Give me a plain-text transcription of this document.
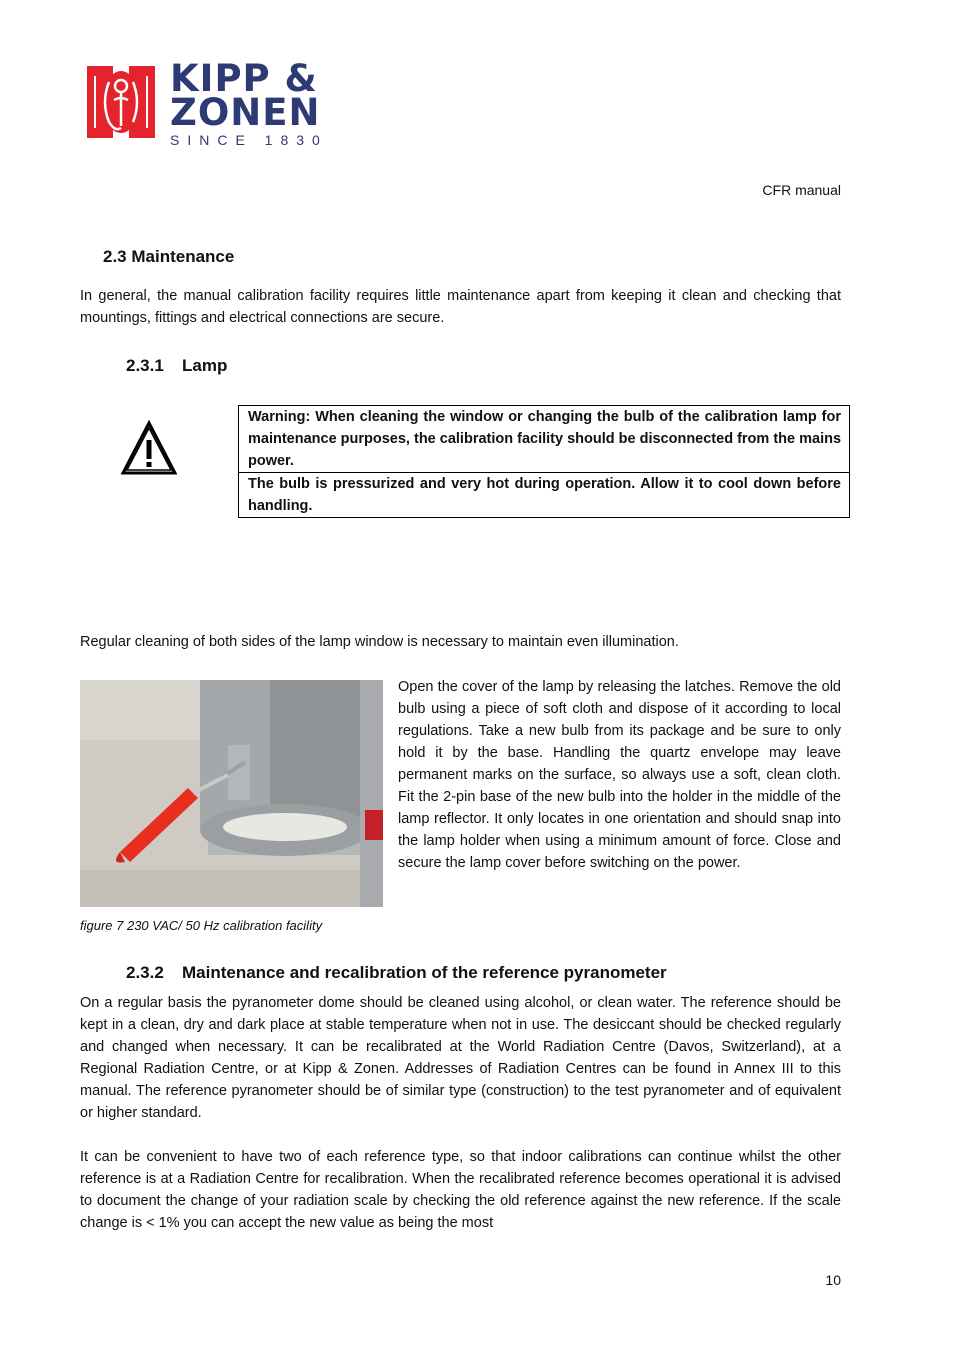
KIPP &
ZONEN
SINCE 1830
CFR manual
2.3 Maintenance

In general, the manual calibration facility requires little maintenance apart from keeping it clean and checking that mountings, fittings and electrical connections are secure.

2.3.1 Lamp
Warning: When cleaning the window or changing the bulb of the calibration lamp for maintenance purposes, the calibration facility should be disconnected from the mains power.
The bulb is pressurized and very hot during operation. Allow it to cool down before handling.

Regular cleaning of both sides of the lamp window is necessary to maintain even illumination.

Open the cover of the lamp by releasing the latches. Remove the old bulb using a piece of soft cloth and dispose of it according to local regulations. Take a new bulb from its package and be sure to only hold it by the base. Handling the quartz envelope may leave permanent marks on the surface, so always use a soft, clean cloth. Fit the 2-pin base of the new bulb into the holder in the middle of the lamp reflector. It only locates in one orientation and should snap into the lamp holder when using a minimum amount of force. Close and secure the lamp cover before switching on the power.

figure 7 230 VAC/ 50 Hz calibration facility
2.3.2 Maintenance and recalibration of the reference pyranometer

On a regular basis the pyranometer dome should be cleaned using alcohol, or clean water. The reference should be kept in a clean, dry and dark place at stable temperature when not in use. The desiccant should be checked regularly and changed when necessary. It can be recalibrated at the World Radiation Centre (Davos, Switzerland), at a Regional Radiation Centre, or at Kipp & Zonen. Addresses of Radiation Centres can be found in Annex III to this manual. The reference pyranometer should be of similar type (construction) to the test pyranometer and of equivalent or higher standard.

It can be convenient to have two of each reference type, so that indoor calibrations can continue whilst the other reference is at a Radiation Centre for recalibration. When the recalibrated reference becomes operational it is advised to document the change of your radiation scale by checking the old reference against the new reference. If the scale change is < 1% you can accept the new value as being the most

10
